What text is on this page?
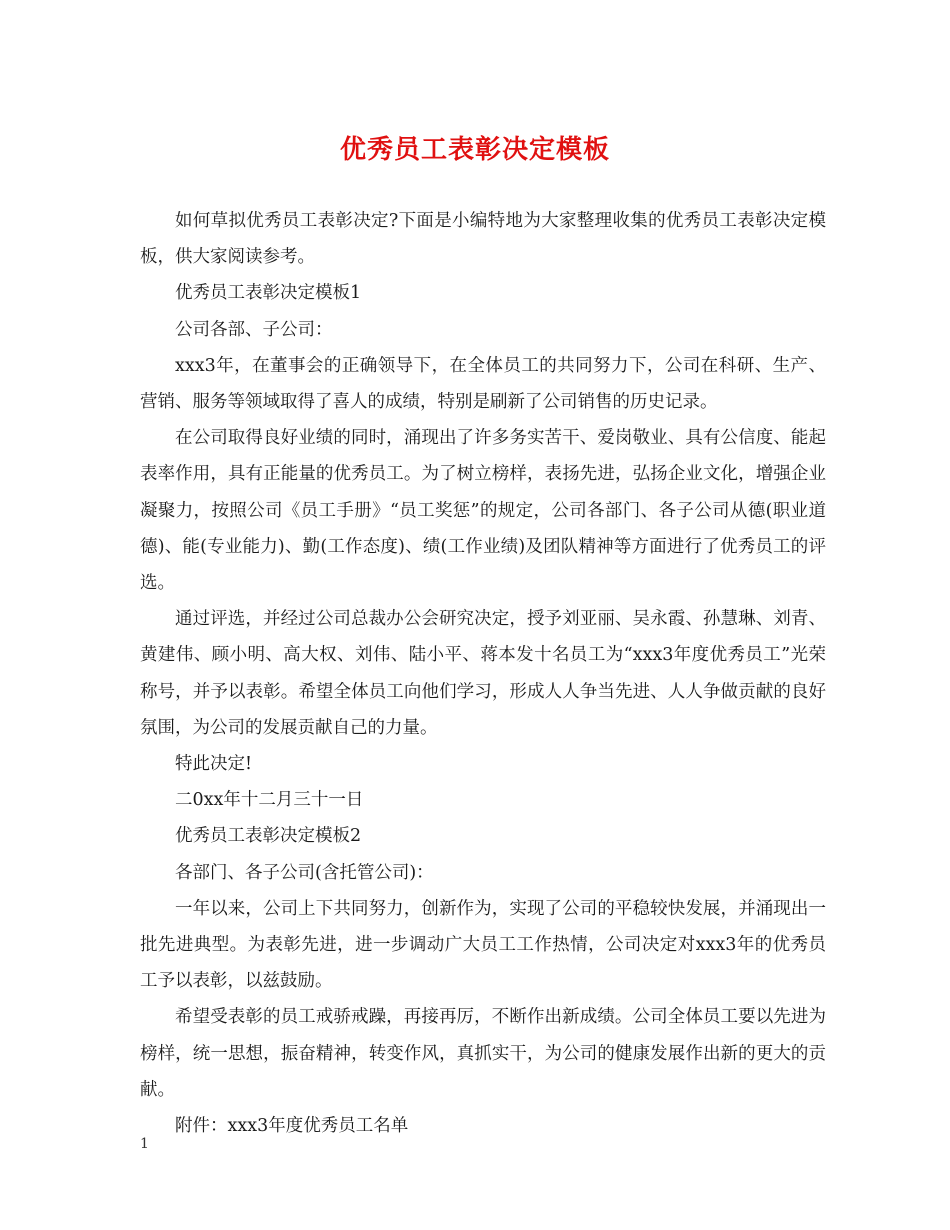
优秀员工表彰决定模板

如何草拟优秀员工表彰决定?下面是小编特地为大家整理收集的优秀员工表彰决定模板，供大家阅读参考。

优秀员工表彰决定模板1

公司各部、子公司：

xxx3年，在董事会的正确领导下，在全体员工的共同努力下，公司在科研、生产、营销、服务等领域取得了喜人的成绩，特别是刷新了公司销售的历史记录。

在公司取得良好业绩的同时，涌现出了许多务实苦干、爱岗敬业、具有公信度、能起表率作用，具有正能量的优秀员工。为了树立榜样，表扬先进，弘扬企业文化，增强企业凝聚力，按照公司《员工手册》“员工奖惩”的规定，公司各部门、各子公司从德(职业道德)、能(专业能力)、勤(工作态度)、绩(工作业绩)及团队精神等方面进行了优秀员工的评选。

通过评选，并经过公司总裁办公会研究决定，授予刘亚丽、吴永霞、孙慧琳、刘青、黄建伟、顾小明、高大权、刘伟、陆小平、蒋本发十名员工为“xxx3年度优秀员工”光荣称号，并予以表彰。希望全体员工向他们学习，形成人人争当先进、人人争做贡献的良好氛围，为公司的发展贡献自己的力量。

特此决定!

二0xx年十二月三十一日

优秀员工表彰决定模板2

各部门、各子公司(含托管公司)：

一年以来，公司上下共同努力，创新作为，实现了公司的平稳较快发展，并涌现出一批先进典型。为表彰先进，进一步调动广大员工工作热情，公司决定对xxx3年的优秀员工予以表彰，以兹鼓励。

希望受表彰的员工戒骄戒躁，再接再厉，不断作出新成绩。公司全体员工要以先进为榜样，统一思想，振奋精神，转变作风，真抓实干，为公司的健康发展作出新的更大的贡献。

附件：xxx3年度优秀员工名单

1
